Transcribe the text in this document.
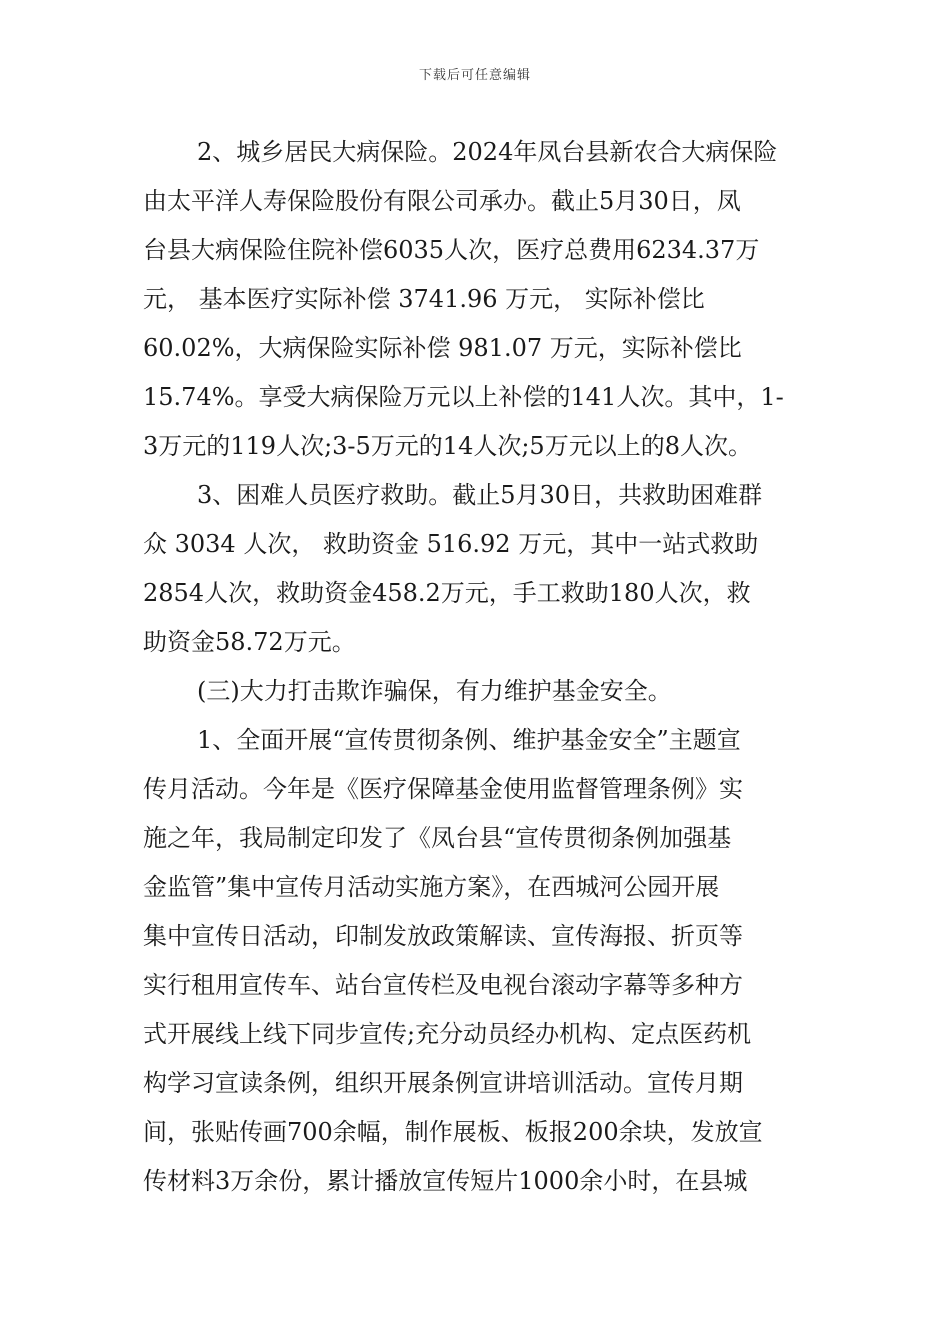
下载后可任意编辑
2、城乡居民大病保险。2024年凤台县新农合大病保险
由太平洋人寿保险股份有限公司承办。截止5月30日，凤
台县大病保险住院补偿6035人次，医疗总费用6234.37万
元， 基本医疗实际补偿 3741.96 万元， 实际补偿比
60.02%，大病保险实际补偿 981.07 万元，实际补偿比
15.74%。享受大病保险万元以上补偿的141人次。其中，1-
3万元的119人次;3-5万元的14人次;5万元以上的8人次。
3、困难人员医疗救助。截止5月30日，共救助困难群
众 3034 人次， 救助资金 516.92 万元，其中一站式救助
2854人次，救助资金458.2万元，手工救助180人次，救
助资金58.72万元。
(三)大力打击欺诈骗保，有力维护基金安全。
1、全面开展“宣传贯彻条例、维护基金安全”主题宣
传月活动。今年是《医疗保障基金使用监督管理条例》实
施之年，我局制定印发了《凤台县“宣传贯彻条例加强基
金监管”集中宣传月活动实施方案》，在西城河公园开展
集中宣传日活动，印制发放政策解读、宣传海报、折页等
实行租用宣传车、站台宣传栏及电视台滚动字幕等多种方
式开展线上线下同步宣传;充分动员经办机构、定点医药机
构学习宣读条例，组织开展条例宣讲培训活动。宣传月期
间，张贴传画700余幅，制作展板、板报200余块，发放宣
传材料3万余份，累计播放宣传短片1000余小时，在县城
